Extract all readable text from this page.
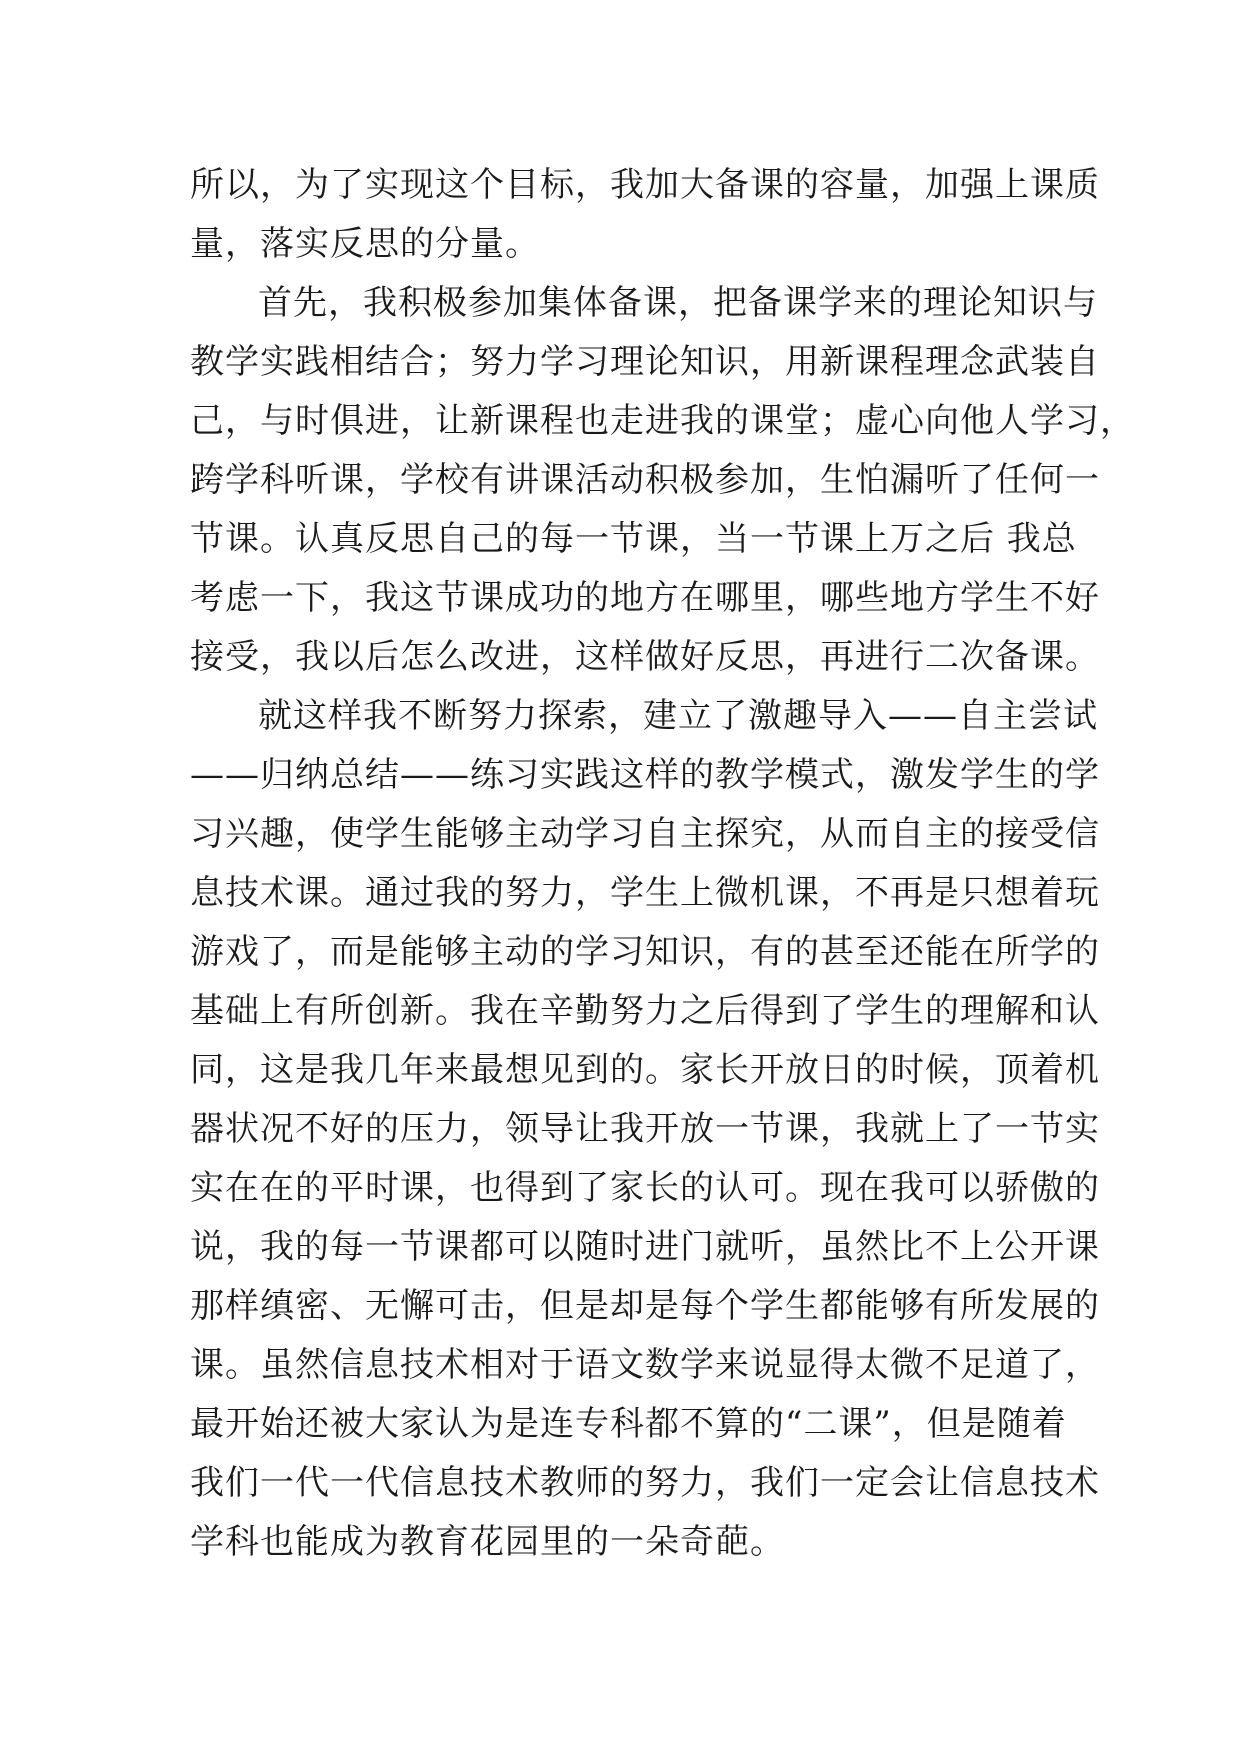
所以，为了实现这个目标，我加大备课的容量，加强上课质
量，落实反思的分量。
首先，我积极参加集体备课，把备课学来的理论知识与
教学实践相结合；努力学习理论知识，用新课程理念武装自
己，与时俱进，让新课程也走进我的课堂；虚心向他人学习，
跨学科听课，学校有讲课活动积极参加，生怕漏听了任何一
节课。认真反思自己的每一节课，当一节课上万之后 我总
考虑一下，我这节课成功的地方在哪里，哪些地方学生不好
接受，我以后怎么改进，这样做好反思，再进行二次备课。
就这样我不断努力探索，建立了激趣导入——自主尝试
——归纳总结——练习实践这样的教学模式，激发学生的学
习兴趣，使学生能够主动学习自主探究，从而自主的接受信
息技术课。通过我的努力，学生上微机课，不再是只想着玩
游戏了，而是能够主动的学习知识，有的甚至还能在所学的
基础上有所创新。我在辛勤努力之后得到了学生的理解和认
同，这是我几年来最想见到的。家长开放日的时候，顶着机
器状况不好的压力，领导让我开放一节课，我就上了一节实
实在在的平时课，也得到了家长的认可。现在我可以骄傲的
说，我的每一节课都可以随时进门就听，虽然比不上公开课
那样缜密、无懈可击，但是却是每个学生都能够有所发展的
课。虽然信息技术相对于语文数学来说显得太微不足道了，
最开始还被大家认为是连专科都不算的“二课”，但是随着
我们一代一代信息技术教师的努力，我们一定会让信息技术
学科也能成为教育花园里的一朵奇葩。
